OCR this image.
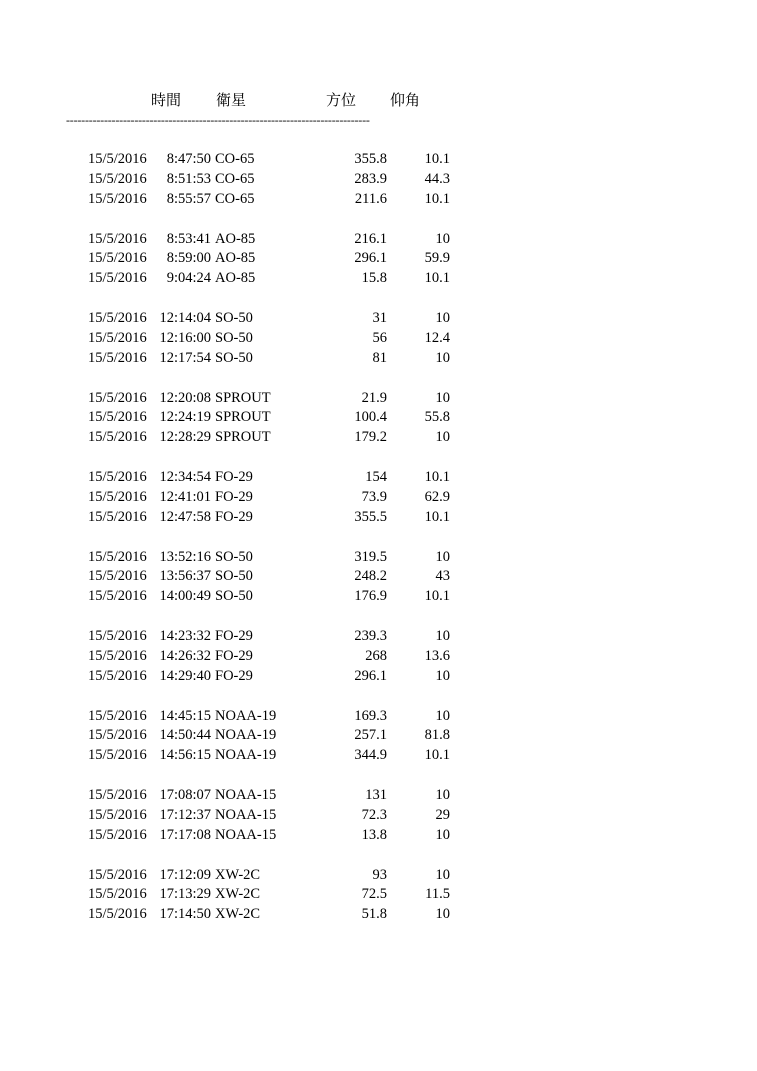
時間 衛星	方位 仰角
--------------------------------------------------------------------------------
15/5/2016 8:47:50 CO-65	355.8	10.1
15/5/2016 8:51:53 CO-65	283.9	44.3
15/5/2016 8:55:57 CO-65	211.6	10.1
15/5/2016 8:53:41 AO-85	216.1	10
15/5/2016 8:59:00 AO-85	296.1	59.9
15/5/2016 9:04:24 AO-85	15.8	10.1
15/5/2016 12:14:04 SO-50	31	10
15/5/2016 12:16:00 SO-50	56	12.4
15/5/2016 12:17:54 SO-50	81	10
15/5/2016 12:20:08 SPROUT	21.9	10
15/5/2016 12:24:19 SPROUT	100.4	55.8
15/5/2016 12:28:29 SPROUT	179.2	10
15/5/2016 12:34:54 FO-29	154	10.1
15/5/2016 12:41:01 FO-29	73.9	62.9
15/5/2016 12:47:58 FO-29	355.5	10.1
15/5/2016 13:52:16 SO-50	319.5	10
15/5/2016 13:56:37 SO-50	248.2	43
15/5/2016 14:00:49 SO-50	176.9	10.1
15/5/2016 14:23:32 FO-29	239.3	10
15/5/2016 14:26:32 FO-29	268	13.6
15/5/2016 14:29:40 FO-29	296.1	10
15/5/2016 14:45:15 NOAA-19	169.3	10
15/5/2016 14:50:44 NOAA-19	257.1	81.8
15/5/2016 14:56:15 NOAA-19	344.9	10.1
15/5/2016 17:08:07 NOAA-15	131	10
15/5/2016 17:12:37 NOAA-15	72.3	29
15/5/2016 17:17:08 NOAA-15	13.8	10
15/5/2016 17:12:09 XW-2C	93	10
15/5/2016 17:13:29 XW-2C	72.5	11.5
15/5/2016 17:14:50 XW-2C	51.8	10
